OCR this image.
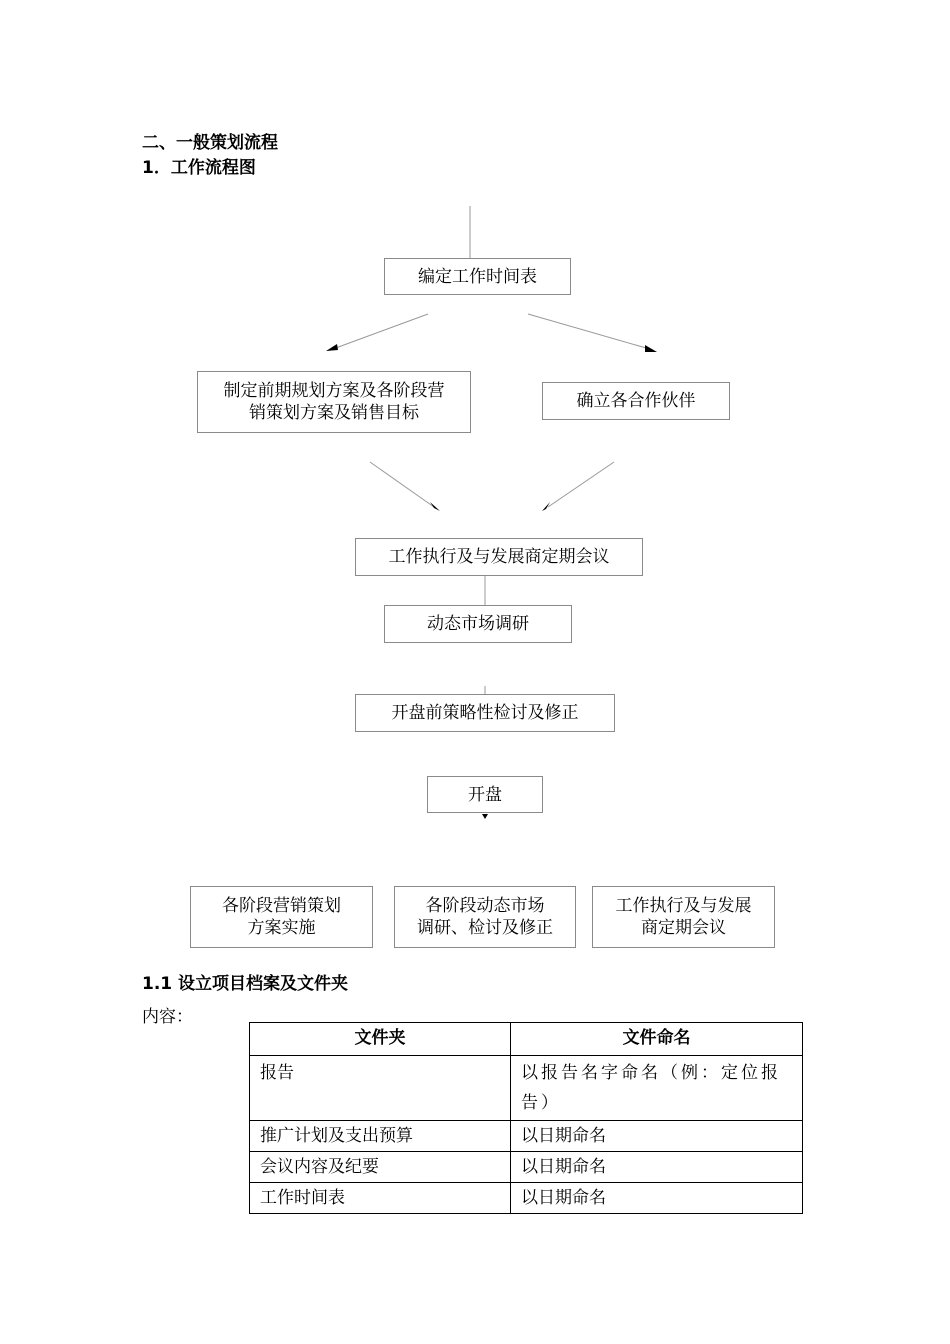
二、一般策划流程
1．工作流程图
编定工作时间表
制定前期规划方案及各阶段营
销策划方案及销售目标
确立各合作伙伴
工作执行及与发展商定期会议
动态市场调研
开盘前策略性检讨及修正
开盘
各阶段营销策划
方案实施
各阶段动态市场
调研、检讨及修正
工作执行及与发展
商定期会议
1.1 设立项目档案及文件夹
内容：
文件夹	文件命名
报告	以报告名字命名（例：定位报告）
推广计划及支出预算	以日期命名
会议内容及纪要	以日期命名
工作时间表	以日期命名
